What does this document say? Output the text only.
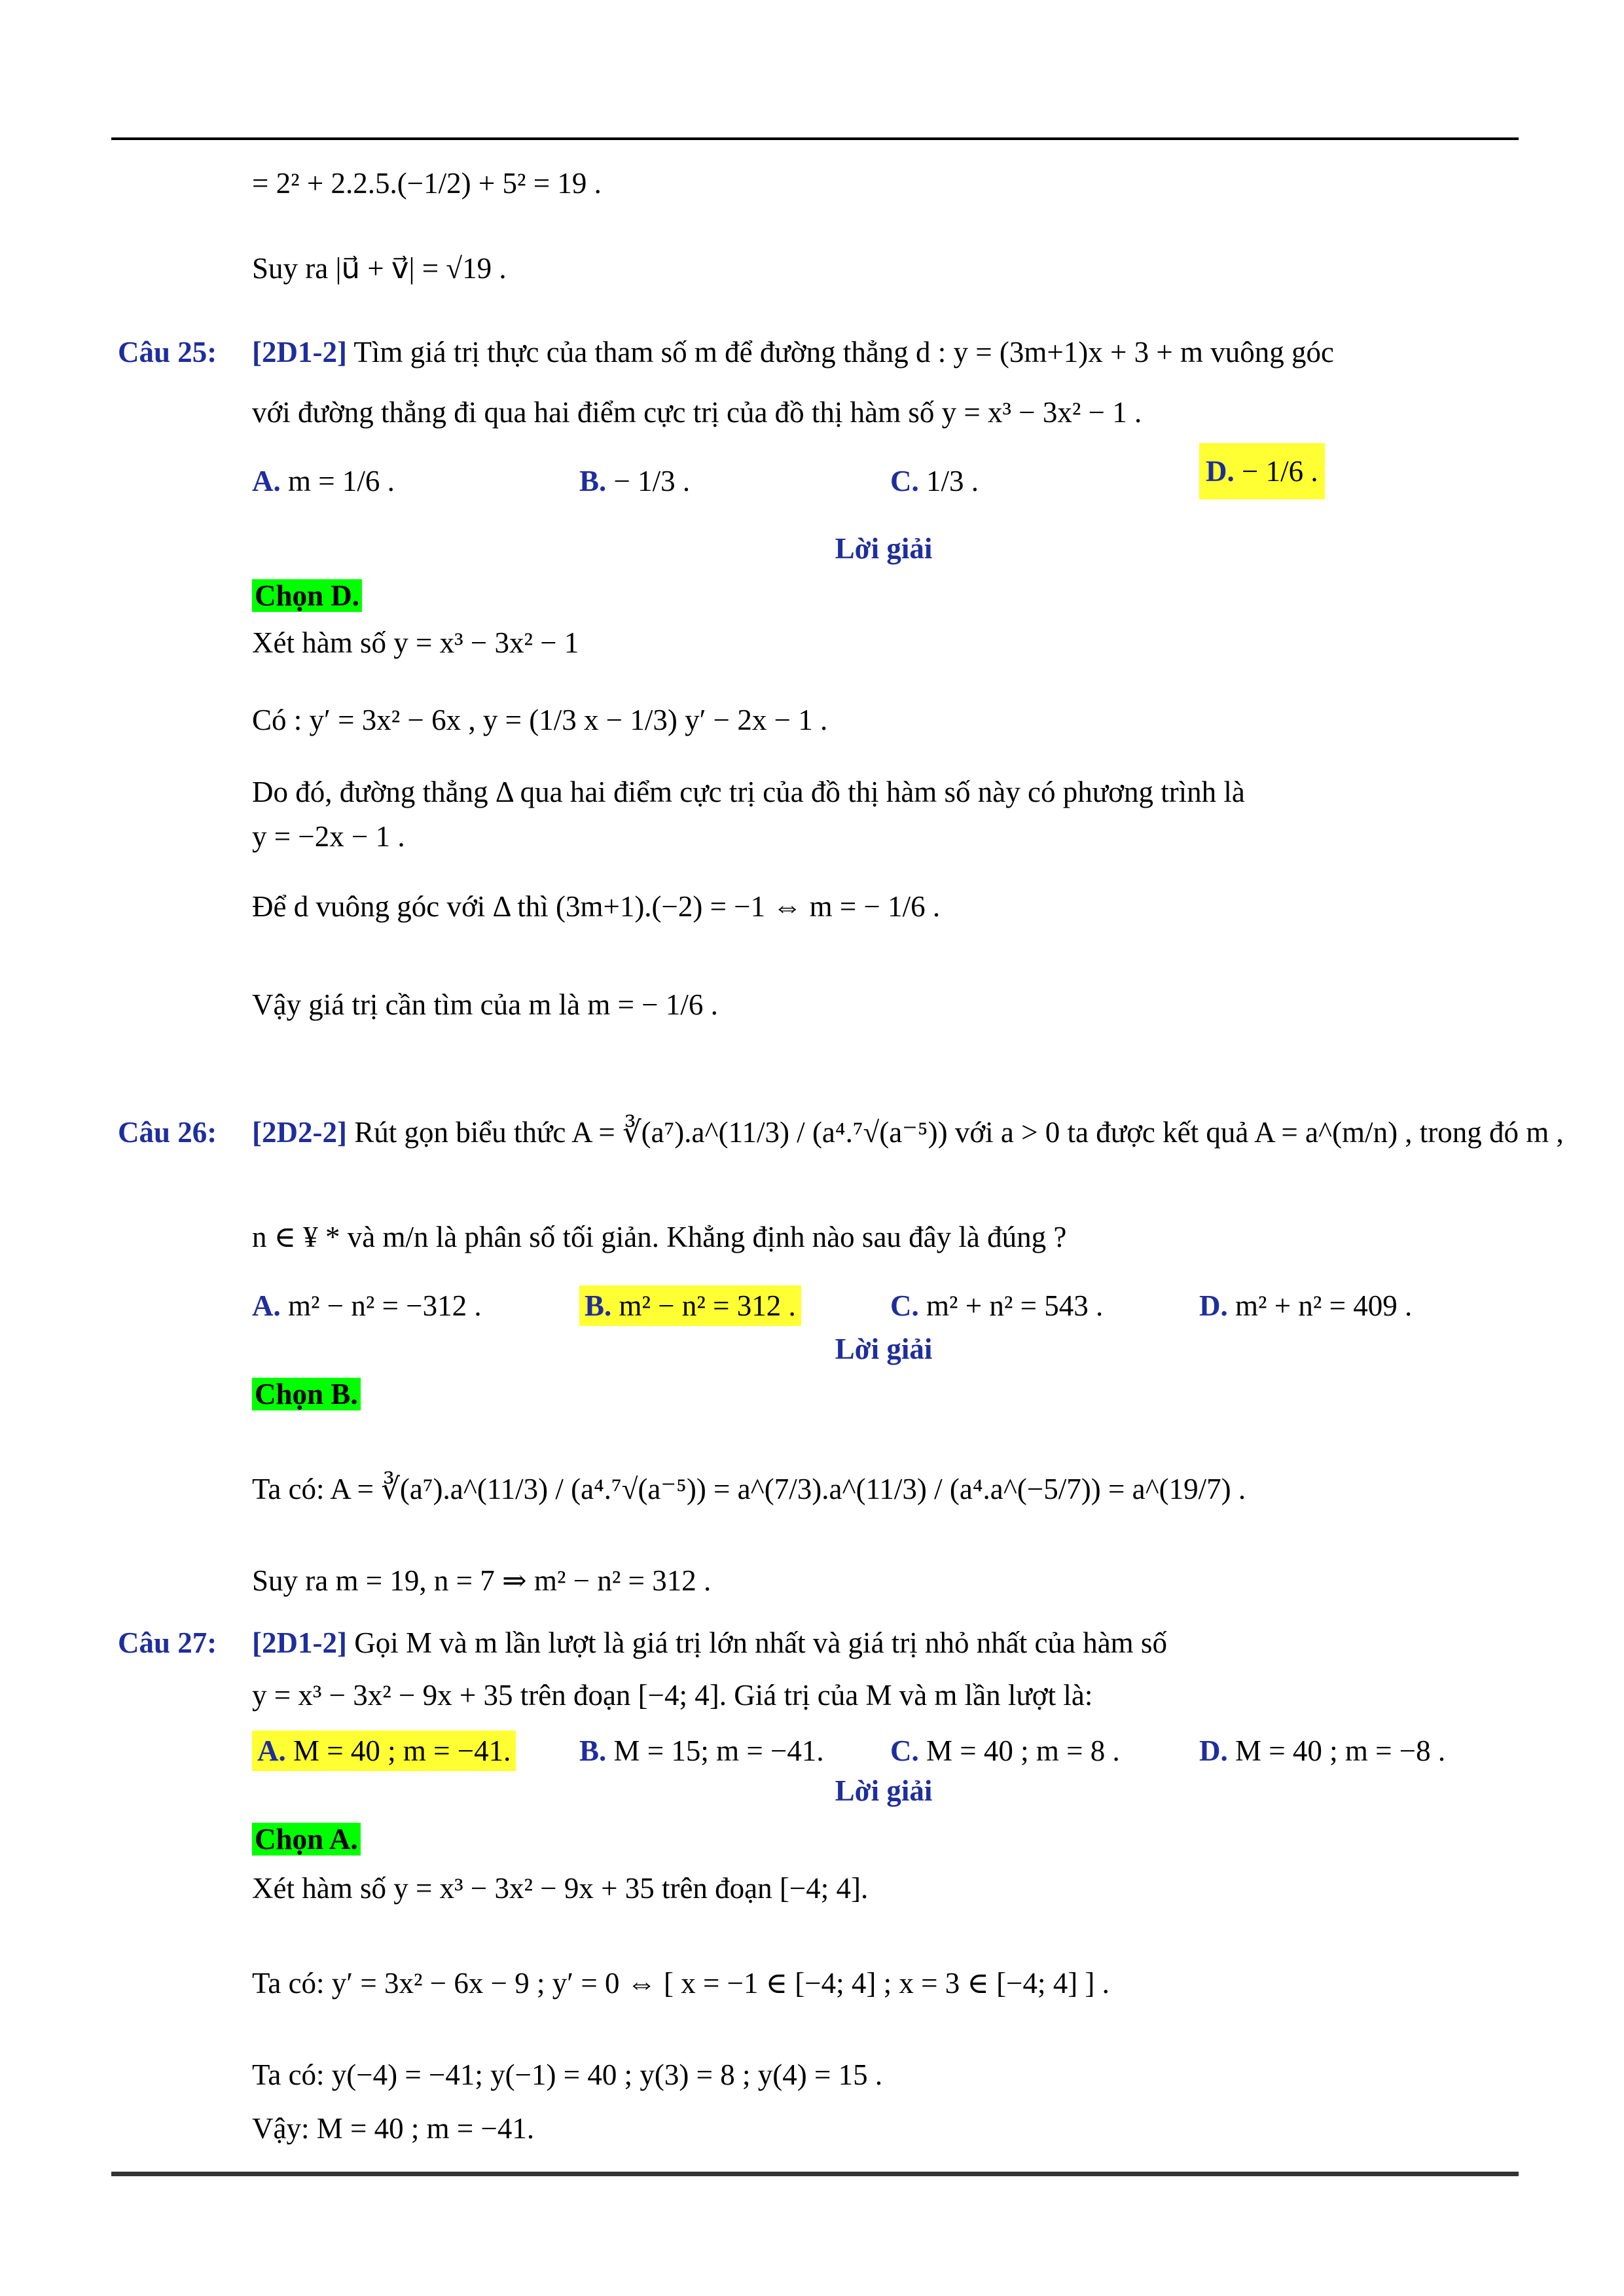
= 2² + 2.2.5.(−1/2) + 5² = 19 .
Suy ra |u⃗ + v⃗| = √19 .
Câu 25: [2D1-2] Tìm giá trị thực của tham số m để đường thẳng d : y = (3m+1)x + 3 + m vuông góc
với đường thẳng đi qua hai điểm cực trị của đồ thị hàm số y = x³ − 3x² − 1 .
A. m = 1/6 .	B. − 1/3 .	C. 1/3 .	D. − 1/6 .
Lời giải
Chọn D.
Xét hàm số y = x³ − 3x² − 1
Có : y′ = 3x² − 6x , y = (1/3 x − 1/3) y′ − 2x − 1 .
Do đó, đường thẳng Δ qua hai điểm cực trị của đồ thị hàm số này có phương trình là
y = −2x − 1 .
Để d vuông góc với Δ thì (3m+1).(−2) = −1 ⇔ m = − 1/6 .
Vậy giá trị cần tìm của m là m = − 1/6 .
Câu 26: [2D2-2] Rút gọn biểu thức A = ∛(a⁷).a^(11/3) / (a⁴.⁷√(a⁻⁵)) với a > 0 ta được kết quả A = a^(m/n) , trong đó m ,
n ∈ ¥ * và m/n là phân số tối giản. Khẳng định nào sau đây là đúng ?
A. m² − n² = −312 .	B. m² − n² = 312 .	C. m² + n² = 543 .	D. m² + n² = 409 .
Lời giải
Chọn B.
Ta có: A = ∛(a⁷).a^(11/3) / (a⁴.⁷√(a⁻⁵)) = a^(7/3).a^(11/3) / (a⁴.a^(−5/7)) = a^(19/7) .
Suy ra m = 19, n = 7 ⇒ m² − n² = 312 .
Câu 27: [2D1-2] Gọi M và m lần lượt là giá trị lớn nhất và giá trị nhỏ nhất của hàm số
y = x³ − 3x² − 9x + 35 trên đoạn [−4; 4]. Giá trị của M và m lần lượt là:
A. M = 40 ; m = −41. B. M = 15; m = −41. C. M = 40 ; m = 8 .	D. M = 40 ; m = −8 .
Lời giải
Chọn A.
Xét hàm số y = x³ − 3x² − 9x + 35 trên đoạn [−4; 4].
Ta có: y′ = 3x² − 6x − 9 ; y′ = 0 ⇔ [ x = −1 ∈ [−4; 4] ; x = 3 ∈ [−4; 4] ] .
Ta có: y(−4) = −41; y(−1) = 40 ; y(3) = 8 ; y(4) = 15 .
Vậy: M = 40 ; m = −41.
